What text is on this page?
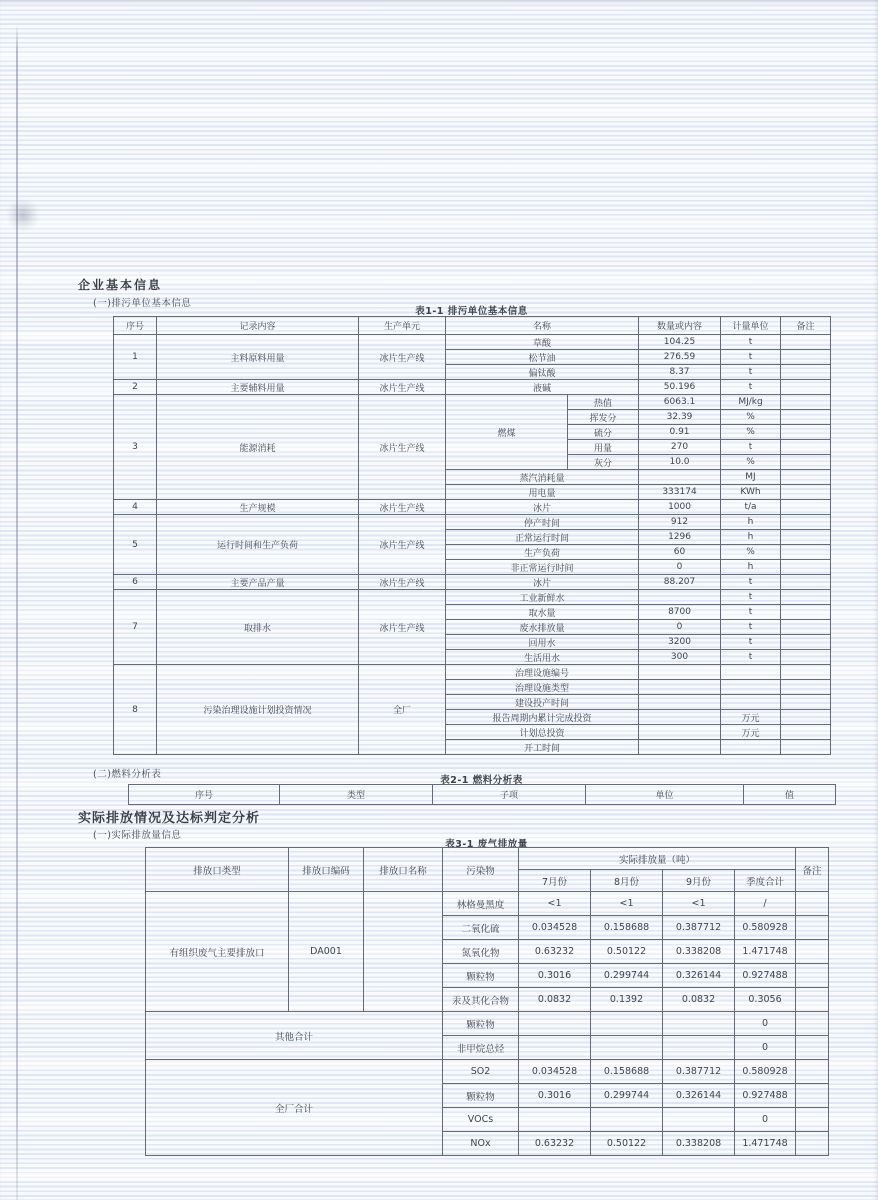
企业基本信息
(一)排污单位基本信息
表1-1 排污单位基本信息
序号	记录内容	生产单元	名称		数量或内容	计量单位	备注
1	主料原料用量	冰片生产线	草酸		104.25	t	
			松节油		276.59	t	
			偏钛酸		8.37	t	
2	主要辅料用量	冰片生产线	液碱		50.196	t	
3	能源消耗	冰片生产线	燃煤	热值	6063.1	MJ/kg	
				挥发分	32.39	%	
				硫分	0.91	%	
				用量	270	t	
				灰分	10.0	%	
			蒸汽消耗量			MJ	
			用电量		333174	KWh	
4	生产规模	冰片生产线	冰片		1000	t/a	
5	运行时间和生产负荷	冰片生产线	停产时间		912	h	
			正常运行时间		1296	h	
			生产负荷		60	%	
			非正常运行时间		0	h	
6	主要产品产量	冰片生产线	冰片		88.207	t	
7	取排水	冰片生产线	工业新鲜水			t	
			取水量		8700	t	
			废水排放量		0	t	
			回用水		3200	t	
			生活用水		300	t	
8	污染治理设施计划投资情况	全厂	治理设施编号				
			治理设施类型				
			建设投产时间				
			报告周期内累计完成投资			万元	
			计划总投资			万元	
			开工时间				
(二)燃料分析表
表2-1 燃料分析表
序号	类型	子项	单位	值
实际排放情况及达标判定分析
(一)实际排放量信息
表3-1 废气排放量
排放口类型	排放口编码	排放口名称	污染物	实际排放量（吨）				备注
				7月份	8月份	9月份	季度合计	
有组织废气主要排放口	DA001		林格曼黑度	<1	<1	<1	/	
			二氧化硫	0.034528	0.158688	0.387712	0.580928	
			氮氧化物	0.63232	0.50122	0.338208	1.471748	
			颗粒物	0.3016	0.299744	0.326144	0.927488	
			汞及其化合物	0.0832	0.1392	0.0832	0.3056	
其他合计			颗粒物				0	
			非甲烷总烃				0	
全厂合计			SO2	0.034528	0.158688	0.387712	0.580928	
			颗粒物	0.3016	0.299744	0.326144	0.927488	
			VOCs				0	
			NOx	0.63232	0.50122	0.338208	1.471748	
